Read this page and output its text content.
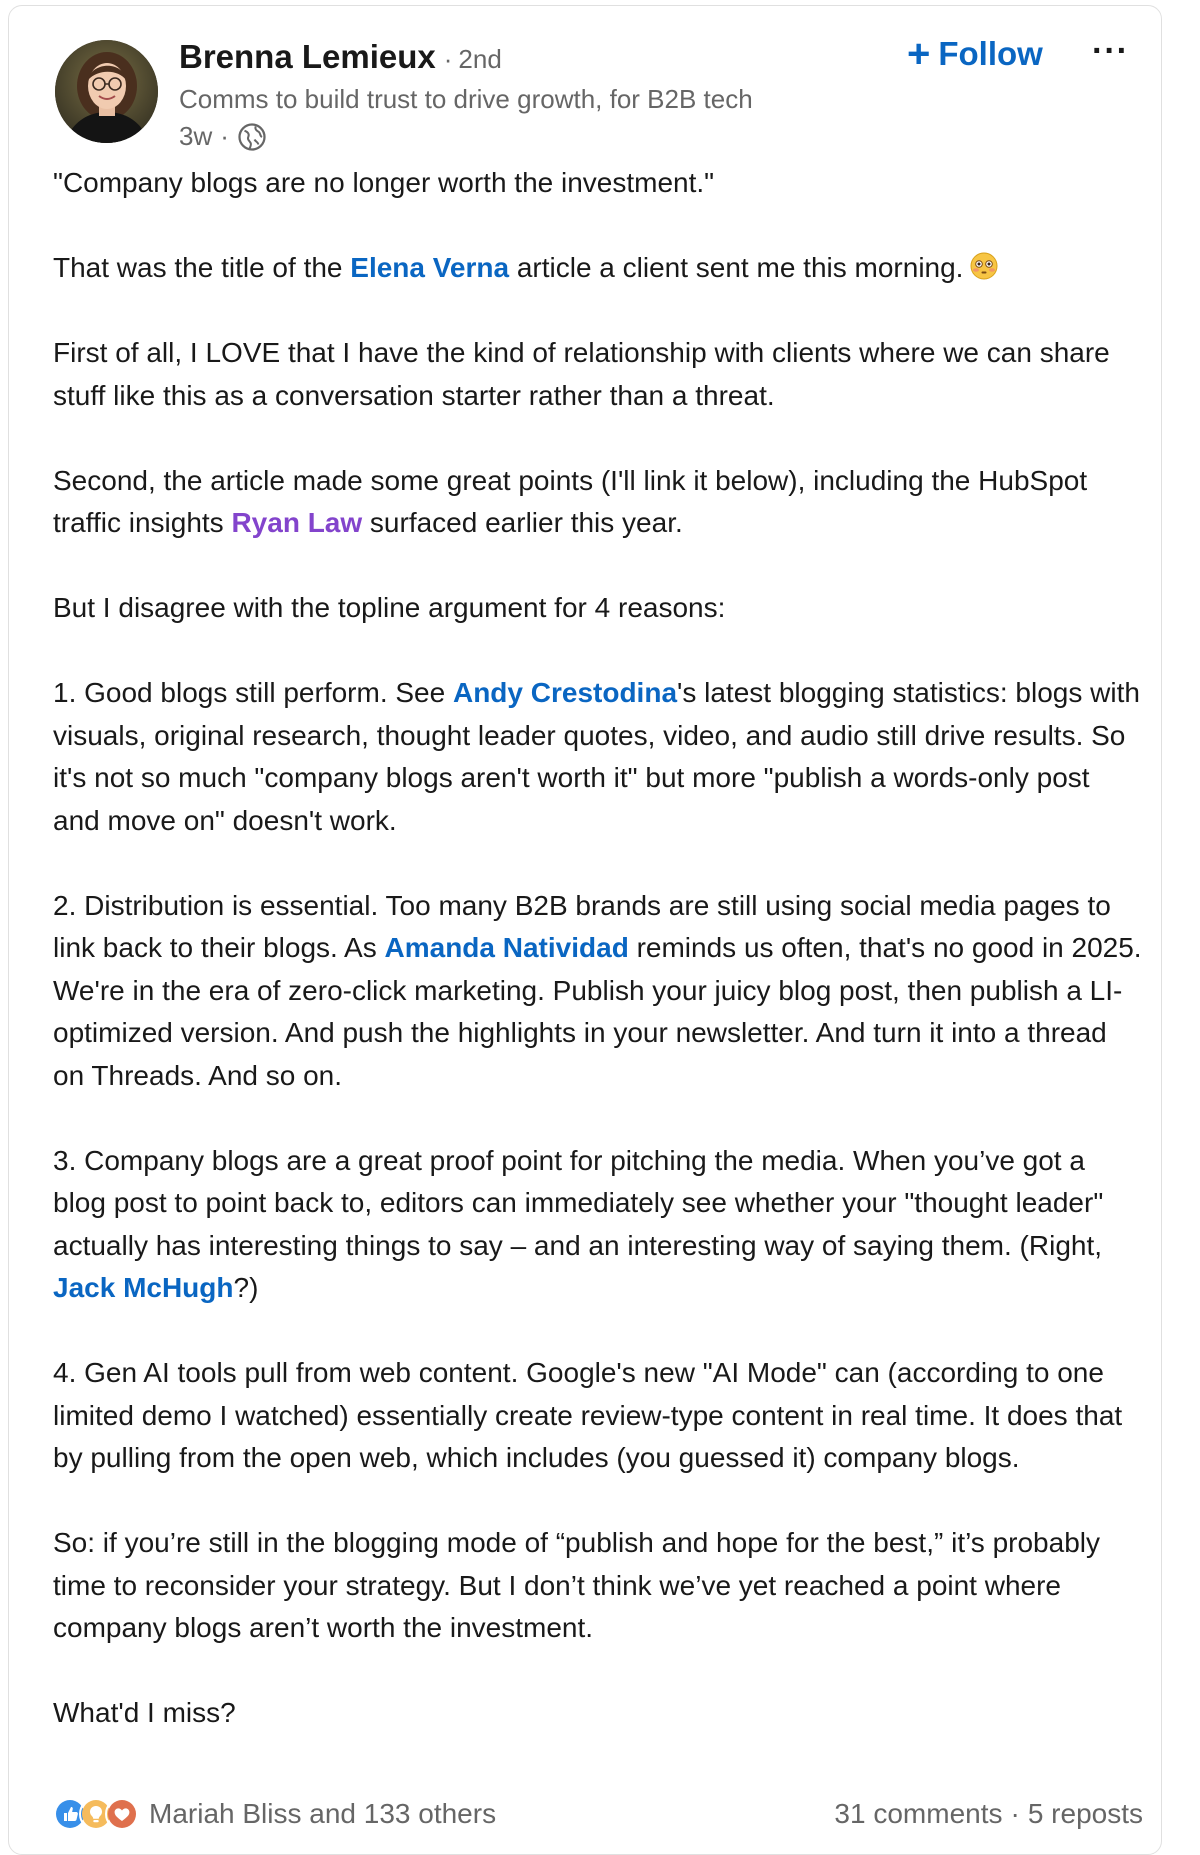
Brenna Lemieux · 2nd
Comms to build trust to drive growth, for B2B tech
3w ·
+ Follow ···

"Company blogs are no longer worth the investment."

That was the title of the Elena Verna article a client sent me this morning.

First of all, I LOVE that I have the kind of relationship with clients where we can share stuff like this as a conversation starter rather than a threat.

Second, the article made some great points (I'll link it below), including the HubSpot traffic insights Ryan Law surfaced earlier this year.

But I disagree with the topline argument for 4 reasons:

1. Good blogs still perform. See Andy Crestodina's latest blogging statistics: blogs with visuals, original research, thought leader quotes, video, and audio still drive results. So it's not so much "company blogs aren't worth it" but more "publish a words-only post and move on" doesn't work.

2. Distribution is essential. Too many B2B brands are still using social media pages to link back to their blogs. As Amanda Natividad reminds us often, that's no good in 2025. We're in the era of zero-click marketing. Publish your juicy blog post, then publish a LI-optimized version. And push the highlights in your newsletter. And turn it into a thread on Threads. And so on.

3. Company blogs are a great proof point for pitching the media. When you’ve got a blog post to point back to, editors can immediately see whether your "thought leader" actually has interesting things to say – and an interesting way of saying them. (Right, Jack McHugh?)

4. Gen AI tools pull from web content. Google's new "AI Mode" can (according to one limited demo I watched) essentially create review-type content in real time. It does that by pulling from the open web, which includes (you guessed it) company blogs.

So: if you’re still in the blogging mode of “publish and hope for the best,” it’s probably time to reconsider your strategy. But I don’t think we’ve yet reached a point where company blogs aren’t worth the investment.

What'd I miss?

Mariah Bliss and 133 others	31 comments · 5 reposts
